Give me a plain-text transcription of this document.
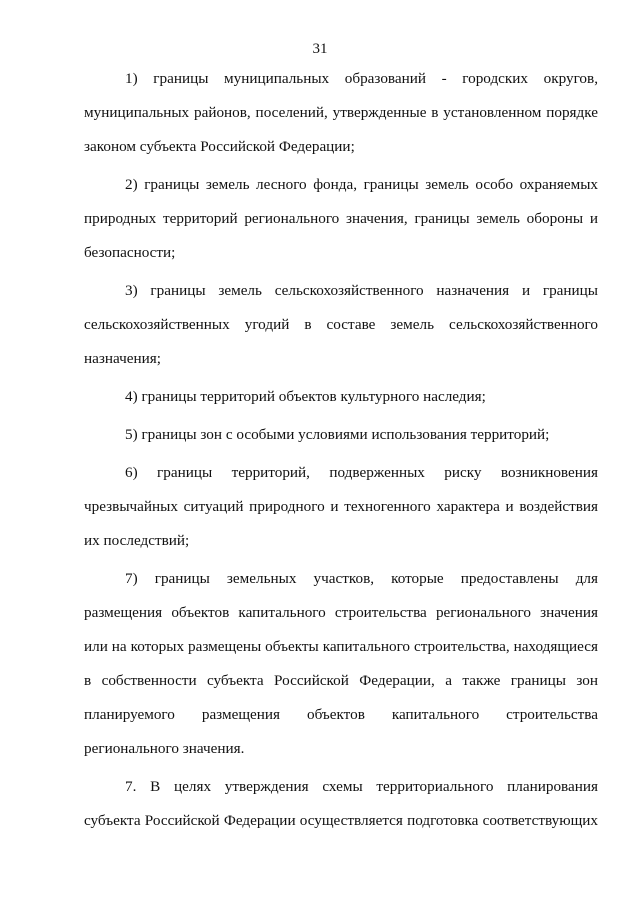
31

1) границы муниципальных образований - городских округов, муниципальных районов, поселений, утвержденные в установленном порядке законом субъекта Российской Федерации;

2) границы земель лесного фонда, границы земель особо охраняемых природных территорий регионального значения, границы земель обороны и безопасности;

3) границы земель сельскохозяйственного назначения и границы сельскохозяйственных угодий в составе земель сельскохозяйственного назначения;

4) границы территорий объектов культурного наследия;

5) границы зон с особыми условиями использования территорий;

6) границы территорий, подверженных риску возникновения чрезвычайных ситуаций природного и техногенного характера и воздействия их последствий;

7) границы земельных участков, которые предоставлены для размещения объектов капитального строительства регионального значения или на которых размещены объекты капитального строительства, находящиеся в собственности субъекта Российской Федерации, а также границы зон планируемого размещения объектов капитального строительства регионального значения.

7. В целях утверждения схемы территориального планирования субъекта Российской Федерации осуществляется подготовка соответствующих
